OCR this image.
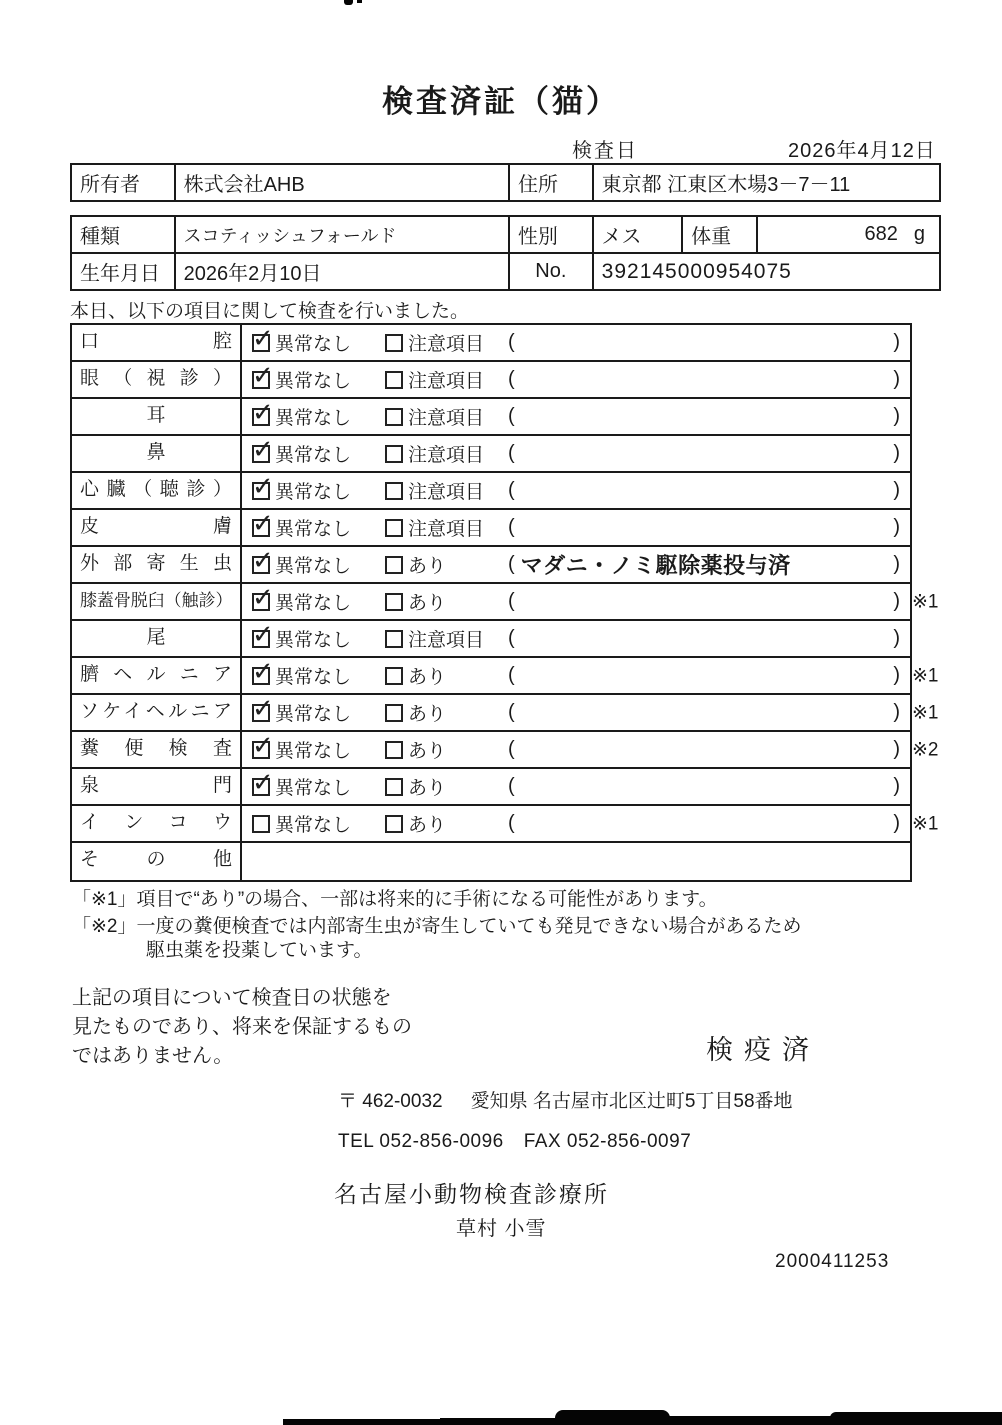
検査済証（猫）
検査日	2026年4月12日
所有者	株式会社AHB	住所	東京都 江東区木場3－7－11
種類	スコティッシュフォールド	性別	メス	体重	682 g
生年月日	2026年2月10日	No.	392145000954075
本日、以下の項目に関して検査を行いました。
口腔 ✓	異常なし	注意項目 (	)
眼（視診） ✓	異常なし	注意項目 (	)
耳 ✓	異常なし	注意項目 (	)
鼻 ✓	異常なし	注意項目 (	)
心臓（聴診） ✓	異常なし	注意項目 (	)
皮膚 ✓	異常なし	注意項目 (	)
外部寄生虫 ✓	異常なし	あり	( マダニ・ノミ駆除薬投与済	)
膝蓋骨脱臼（触診） ✓	異常なし	あり	(	) ※1
尾 ✓	異常なし	注意項目 (	)
臍ヘルニア ✓	異常なし	あり	(	) ※1
ソケイヘルニア ✓	異常なし	あり	(	) ※1
糞便検査 ✓	異常なし	あり	(	) ※2
泉門 ✓	異常なし	あり	(	)
インコウ	異常なし	あり	(	) ※1
その他
「※1」項目で“あり”の場合、一部は将来的に手術になる可能性があります。
「※2」一度の糞便検査では内部寄生虫が寄生していても発見できない場合があるため
駆虫薬を投薬しています。
上記の項目について検査日の状態を
見たものであり、将来を保証するもの
ではありません。	検疫済
〒 462-0032 愛知県 名古屋市北区辻町5丁目58番地
TEL 052-856-0096 FAX 052-856-0097
名古屋小動物検査診療所
草村 小雪
2000411253
